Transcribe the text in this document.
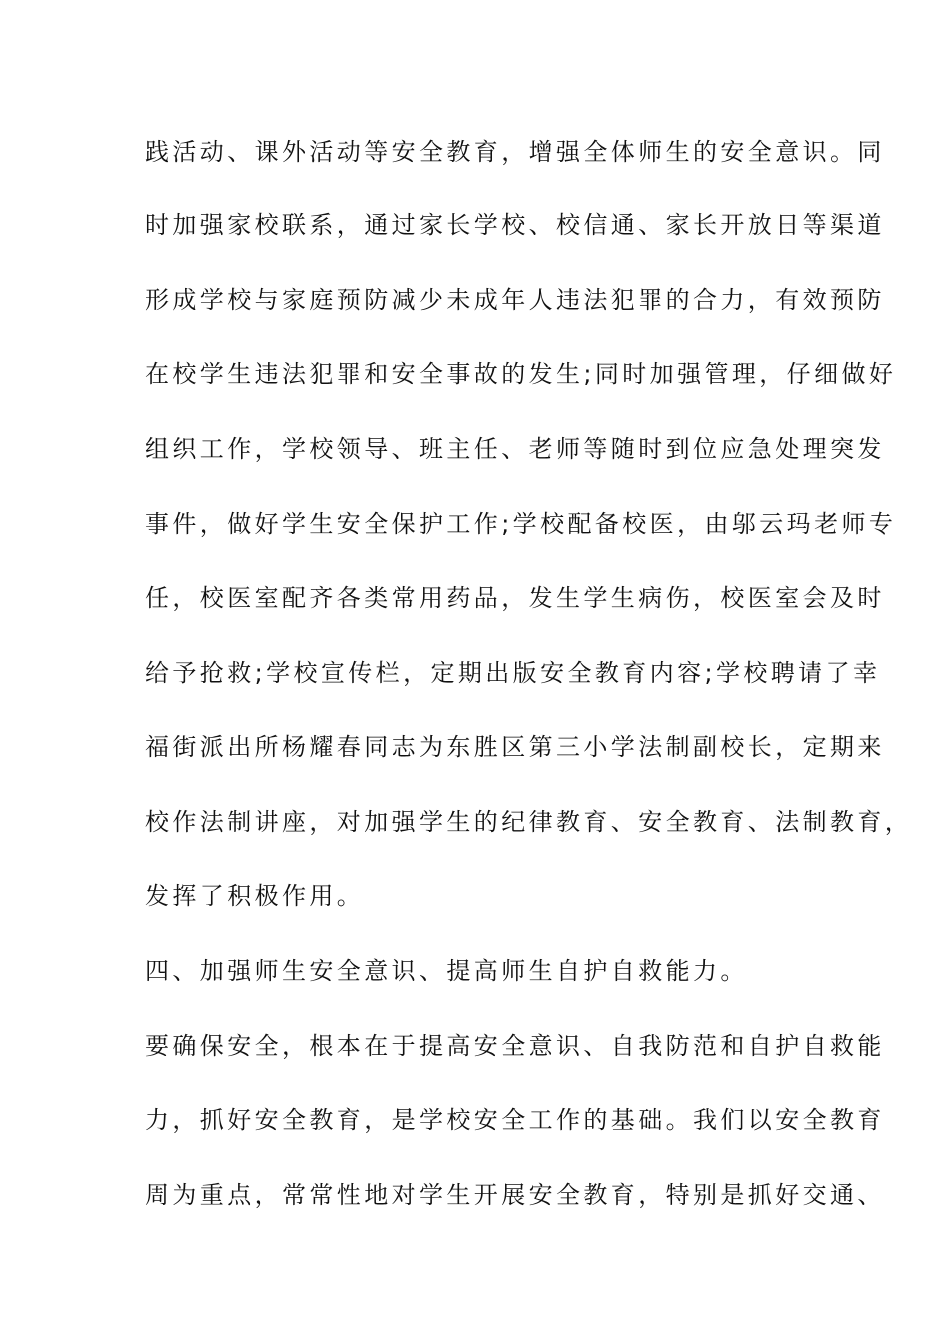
践活动、课外活动等安全教育，增强全体师生的安全意识。同
时加强家校联系，通过家长学校、校信通、家长开放日等渠道
形成学校与家庭预防减少未成年人违法犯罪的合力，有效预防
在校学生违法犯罪和安全事故的发生;同时加强管理，仔细做好
组织工作，学校领导、班主任、老师等随时到位应急处理突发
事件，做好学生安全保护工作;学校配备校医，由邬云玛老师专
任，校医室配齐各类常用药品，发生学生病伤，校医室会及时
给予抢救;学校宣传栏，定期出版安全教育内容;学校聘请了幸
福街派出所杨耀春同志为东胜区第三小学法制副校长，定期来
校作法制讲座，对加强学生的纪律教育、安全教育、法制教育，
发挥了积极作用。
四、加强师生安全意识、提高师生自护自救能力。
要确保安全，根本在于提高安全意识、自我防范和自护自救能
力，抓好安全教育，是学校安全工作的基础。我们以安全教育
周为重点，常常性地对学生开展安全教育，特别是抓好交通、
